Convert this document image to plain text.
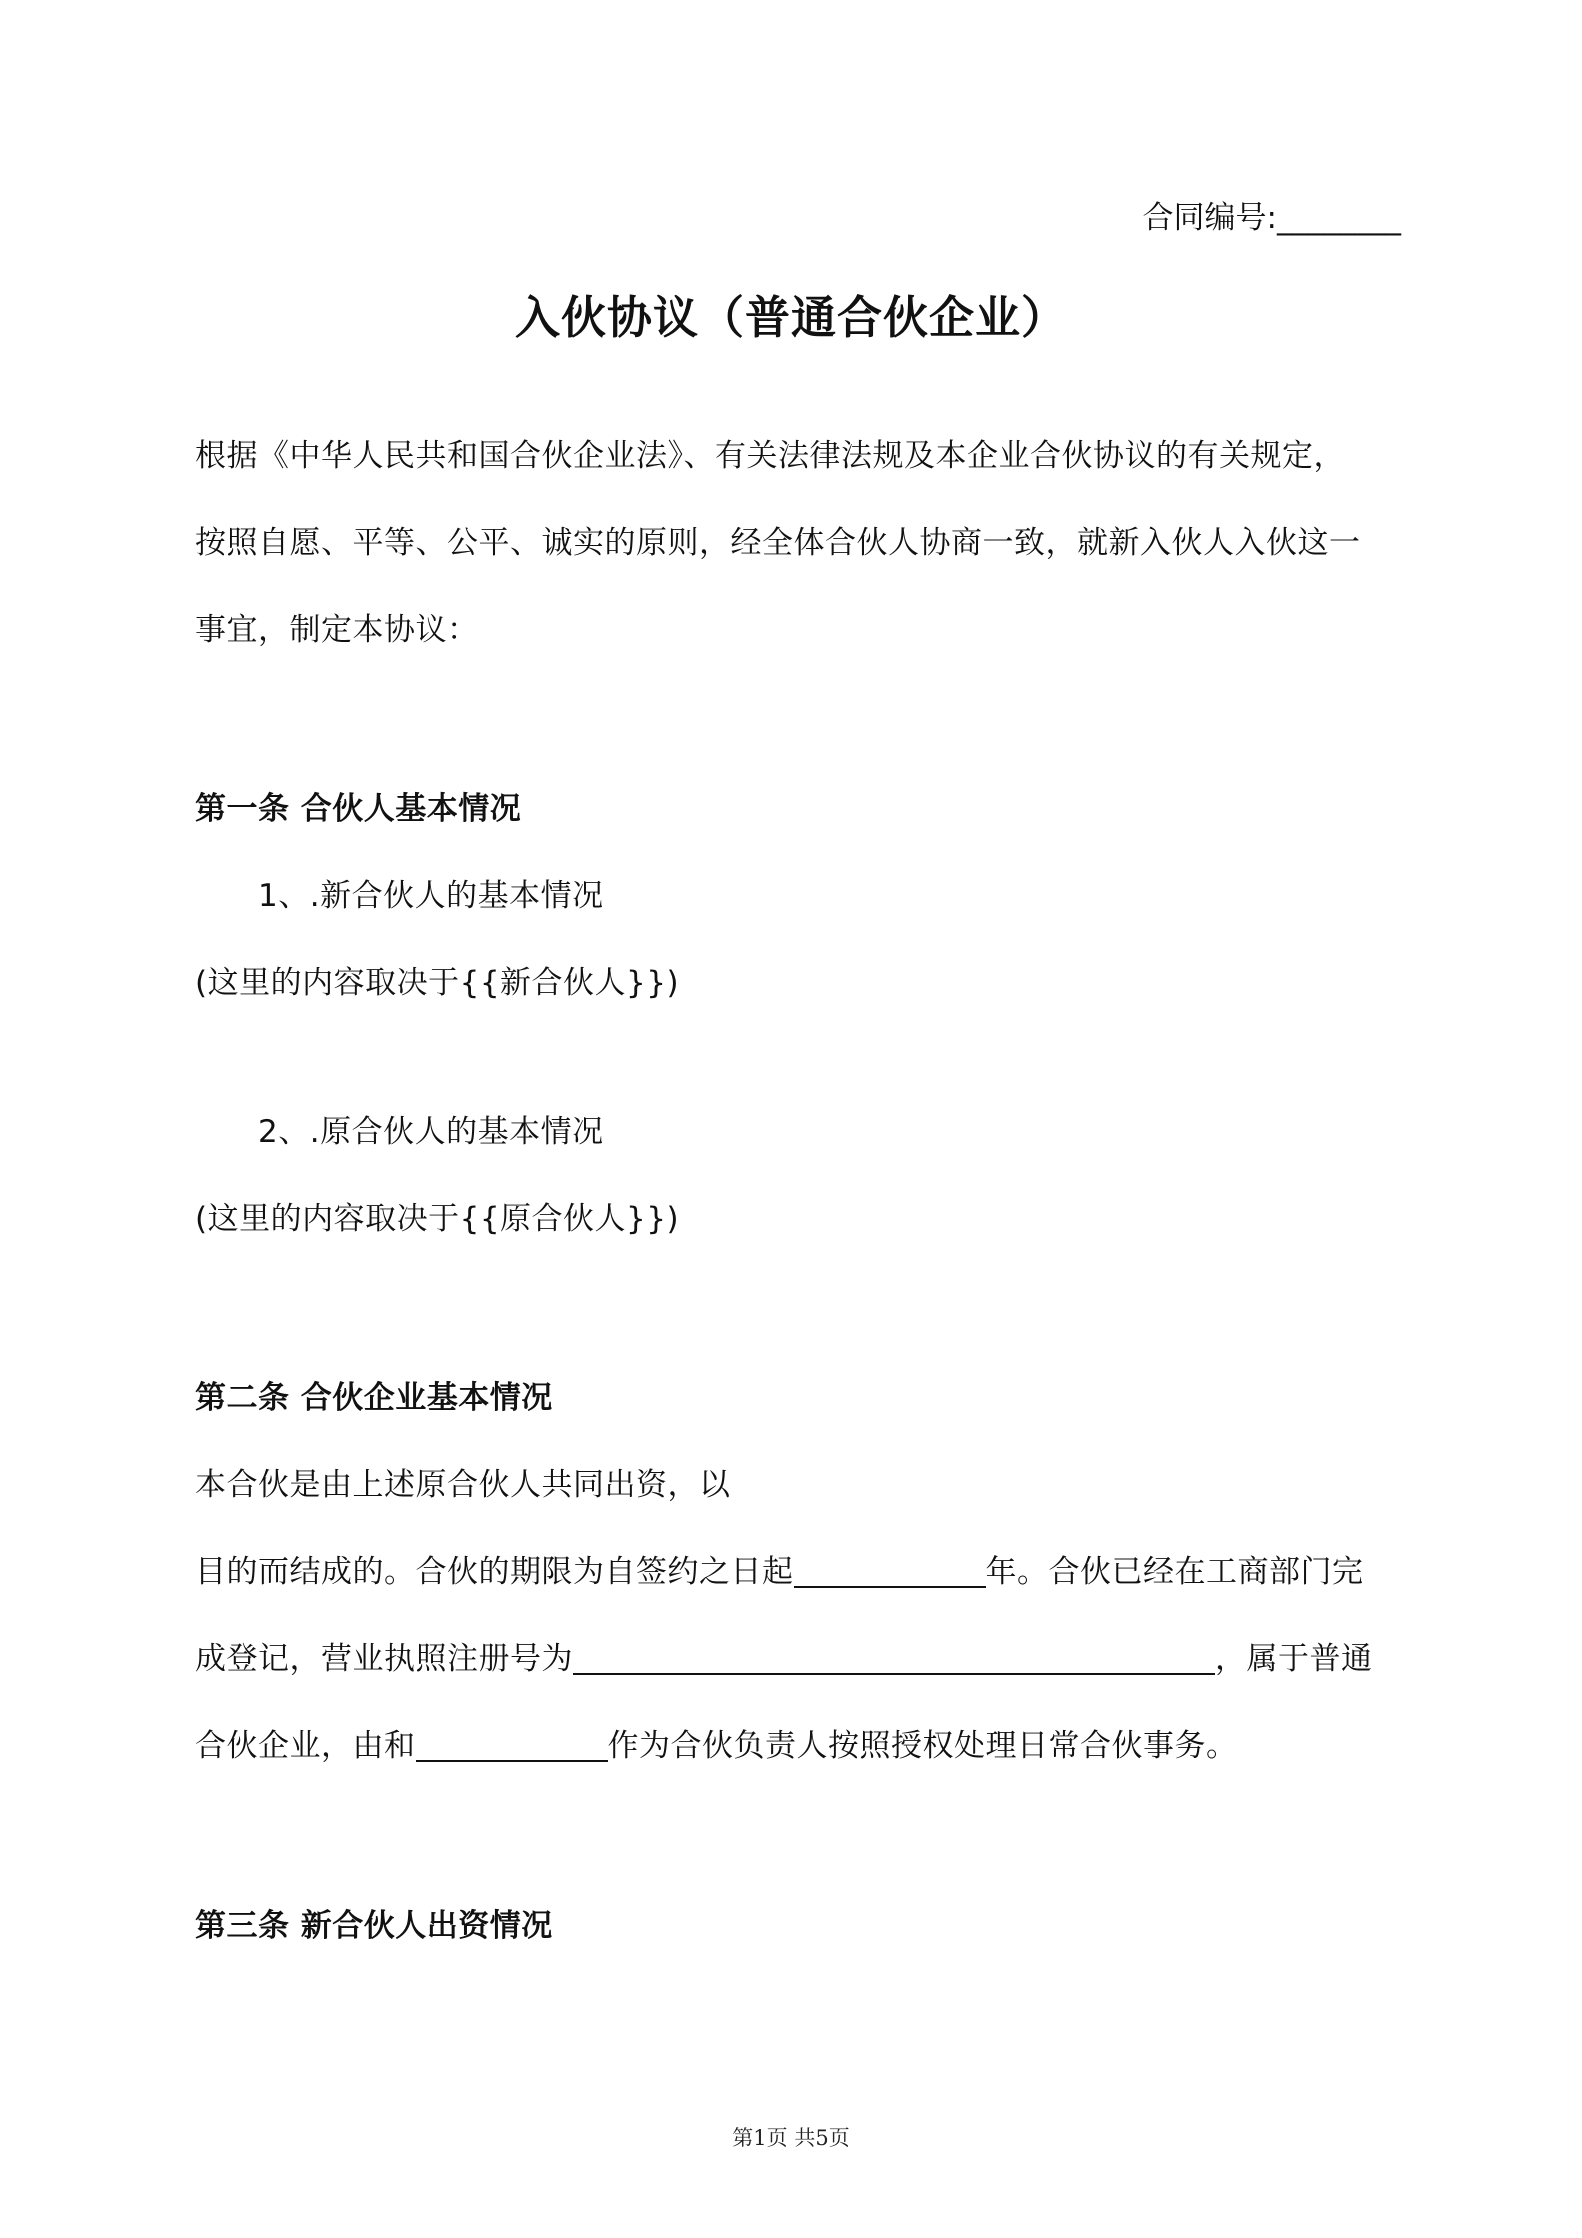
合同编号:________
入伙协议（普通合伙企业）
根据《中华人民共和国合伙企业法》、有关法律法规及本企业合伙协议的有关规定，
按照自愿、平等、公平、诚实的原则，经全体合伙人协商一致，就新入伙人入伙这一
事宜，制定本协议：
第一条 合伙人基本情况
1、.新合伙人的基本情况
(这里的内容取决于{{新合伙人}})
2、.原合伙人的基本情况
(这里的内容取决于{{原合伙人}})
第二条 合伙企业基本情况
本合伙是由上述原合伙人共同出资，以
目的而结成的。合伙的期限为自签约之日起	年。合伙已经在工商部门完
成登记，营业执照注册号为	，属于普通
合伙企业，由和	作为合伙负责人按照授权处理日常合伙事务。
第三条 新合伙人出资情况
第1页 共5页
